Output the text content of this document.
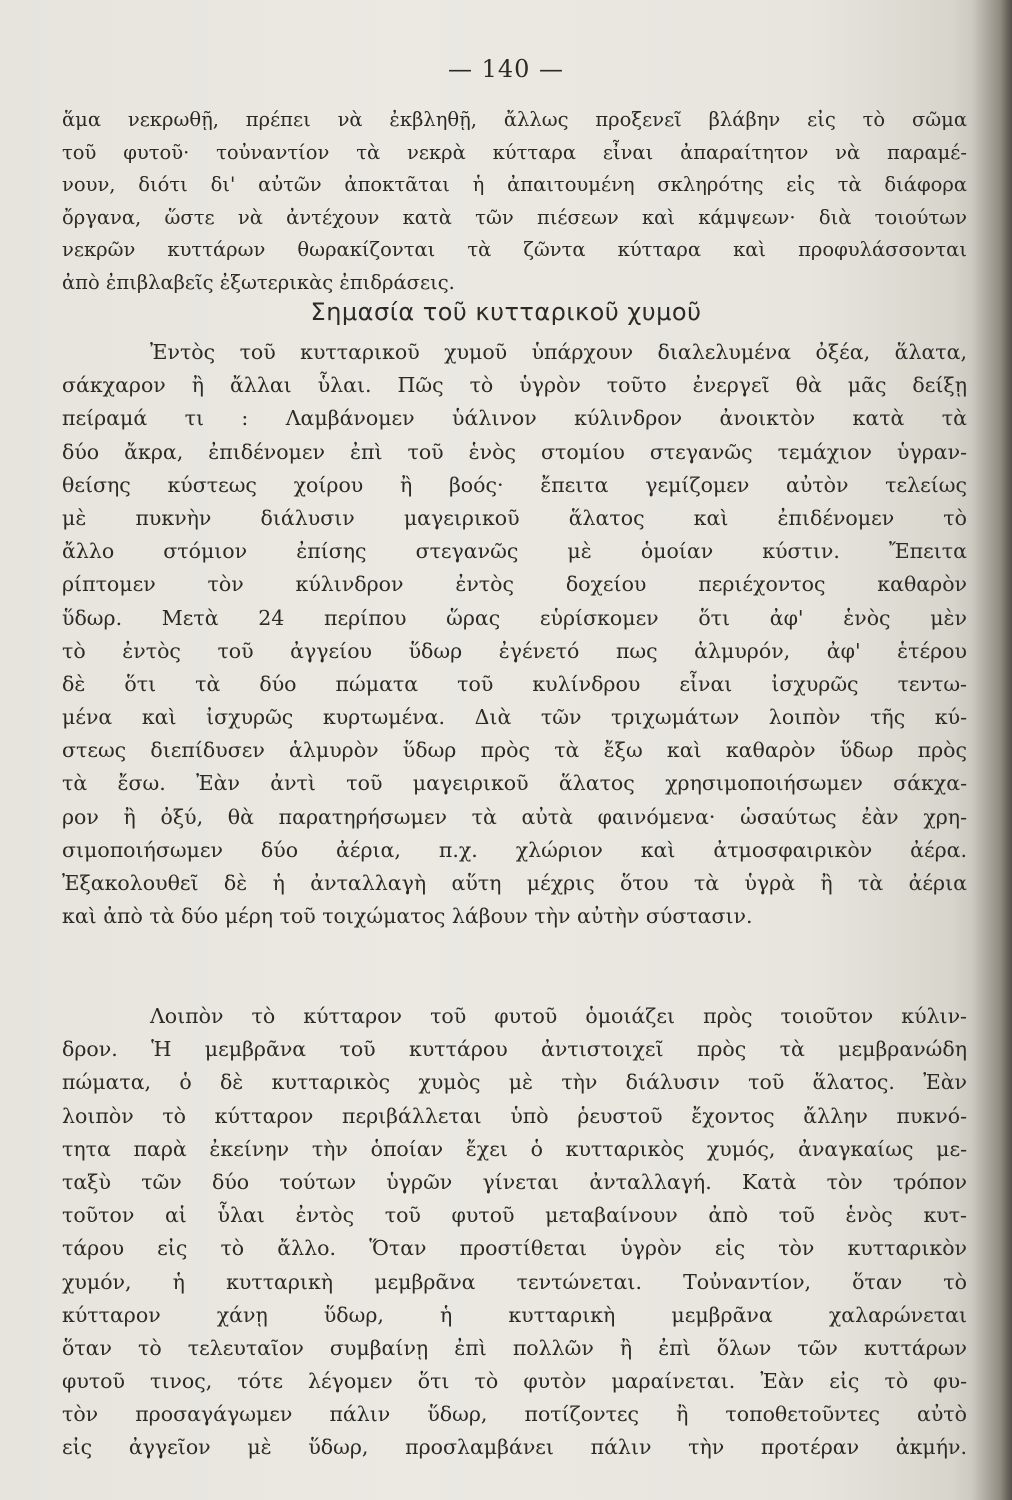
— 140 —
ἅμα νεκρωθῇ, πρέπει νὰ ἐκβληθῇ, ἄλλως προξενεῖ βλάβην εἰς τὸ σῶμα
τοῦ φυτοῦ· τοὐναντίον τὰ νεκρὰ κύτταρα εἶναι ἀπαραίτητον νὰ παραμέ-
νουν, διότι δι' αὐτῶν ἀποκτᾶται ἡ ἀπαιτουμένη σκληρότης εἰς τὰ διάφορα
ὄργανα, ὥστε νὰ ἀντέχουν κατὰ τῶν πιέσεων καὶ κάμψεων· διὰ τοιούτων
νεκρῶν κυττάρων θωρακίζονται τὰ ζῶντα κύτταρα καὶ προφυλάσσονται
ἀπὸ ἐπιβλαβεῖς ἐξωτερικὰς ἐπιδράσεις.
Σημασία τοῦ κυτταρικοῦ χυμοῦ
Ἐντὸς τοῦ κυτταρικοῦ χυμοῦ ὑπάρχουν διαλελυμένα ὀξέα, ἅλατα,
σάκχαρον ἢ ἄλλαι ὗλαι. Πῶς τὸ ὑγρὸν τοῦτο ἐνεργεῖ θὰ μᾶς δείξῃ
πείραμά τι : Λαμβάνομεν ὑάλινον κύλινδρον ἀνοικτὸν κατὰ τὰ
δύο ἄκρα, ἐπιδένομεν ἐπὶ τοῦ ἑνὸς στομίου στεγανῶς τεμάχιον ὑγραν-
θείσης κύστεως χοίρου ἢ βοός· ἔπειτα γεμίζομεν αὐτὸν τελείως
μὲ πυκνὴν διάλυσιν μαγειρικοῦ ἅλατος καὶ ἐπιδένομεν τὸ
ἄλλο στόμιον ἐπίσης στεγανῶς μὲ ὁμοίαν κύστιν. Ἔπειτα
ρίπτομεν τὸν κύλινδρον ἐντὸς δοχείου περιέχοντος καθαρὸν
ὕδωρ. Μετὰ 24 περίπου ὥρας εὑρίσκομεν ὅτι ἀφ' ἑνὸς μὲν
τὸ ἐντὸς τοῦ ἀγγείου ὕδωρ ἐγένετό πως ἁλμυρόν, ἀφ' ἑτέρου
δὲ ὅτι τὰ δύο πώματα τοῦ κυλίνδρου εἶναι ἰσχυρῶς τεντω-
μένα καὶ ἰσχυρῶς κυρτωμένα. Διὰ τῶν τριχωμάτων λοιπὸν τῆς κύ-
στεως διεπίδυσεν ἁλμυρὸν ὕδωρ πρὸς τὰ ἔξω καὶ καθαρὸν ὕδωρ πρὸς
τὰ ἔσω. Ἐὰν ἀντὶ τοῦ μαγειρικοῦ ἅλατος χρησιμοποιήσωμεν σάκχα-
ρον ἢ ὀξύ, θὰ παρατηρήσωμεν τὰ αὐτὰ φαινόμενα· ὡσαύτως ἐὰν χρη-
σιμοποιήσωμεν δύο ἀέρια, π.χ. χλώριον καὶ ἀτμοσφαιρικὸν ἀέρα.
Ἐξακολουθεῖ δὲ ἡ ἀνταλλαγὴ αὕτη μέχρις ὅτου τὰ ὑγρὰ ἢ τὰ ἀέρια
καὶ ἀπὸ τὰ δύο μέρη τοῦ τοιχώματος λάβουν τὴν αὐτὴν σύστασιν.
Λοιπὸν τὸ κύτταρον τοῦ φυτοῦ ὁμοιάζει πρὸς τοιοῦτον κύλιν-
δρον. Ἡ μεμβρᾶνα τοῦ κυττάρου ἀντιστοιχεῖ πρὸς τὰ μεμβρανώδη
πώματα, ὁ δὲ κυτταρικὸς χυμὸς μὲ τὴν διάλυσιν τοῦ ἅλατος. Ἐὰν
λοιπὸν τὸ κύτταρον περιβάλλεται ὑπὸ ῥευστοῦ ἔχοντος ἄλλην πυκνό-
τητα παρὰ ἐκείνην τὴν ὁποίαν ἔχει ὁ κυτταρικὸς χυμός, ἀναγκαίως με-
ταξὺ τῶν δύο τούτων ὑγρῶν γίνεται ἀνταλλαγή. Κατὰ τὸν τρόπον
τοῦτον αἱ ὗλαι ἐντὸς τοῦ φυτοῦ μεταβαίνουν ἀπὸ τοῦ ἑνὸς κυτ-
τάρου εἰς τὸ ἄλλο. Ὅταν προστίθεται ὑγρὸν εἰς τὸν κυτταρικὸν
χυμόν, ἡ κυτταρικὴ μεμβρᾶνα τεντώνεται. Τοὐναντίον, ὅταν τὸ
κύτταρον χάνῃ ὕδωρ, ἡ κυτταρικὴ μεμβρᾶνα χαλαρώνεται
ὅταν τὸ τελευταῖον συμβαίνῃ ἐπὶ πολλῶν ἢ ἐπὶ ὅλων τῶν κυττάρων
φυτοῦ τινος, τότε λέγομεν ὅτι τὸ φυτὸν μαραίνεται. Ἐὰν εἰς τὸ φυ-
τὸν προσαγάγωμεν πάλιν ὕδωρ, ποτίζοντες ἢ τοποθετοῦντες αὐτὸ
εἰς ἀγγεῖον μὲ ὕδωρ, προσλαμβάνει πάλιν τὴν προτέραν ἀκμήν.
